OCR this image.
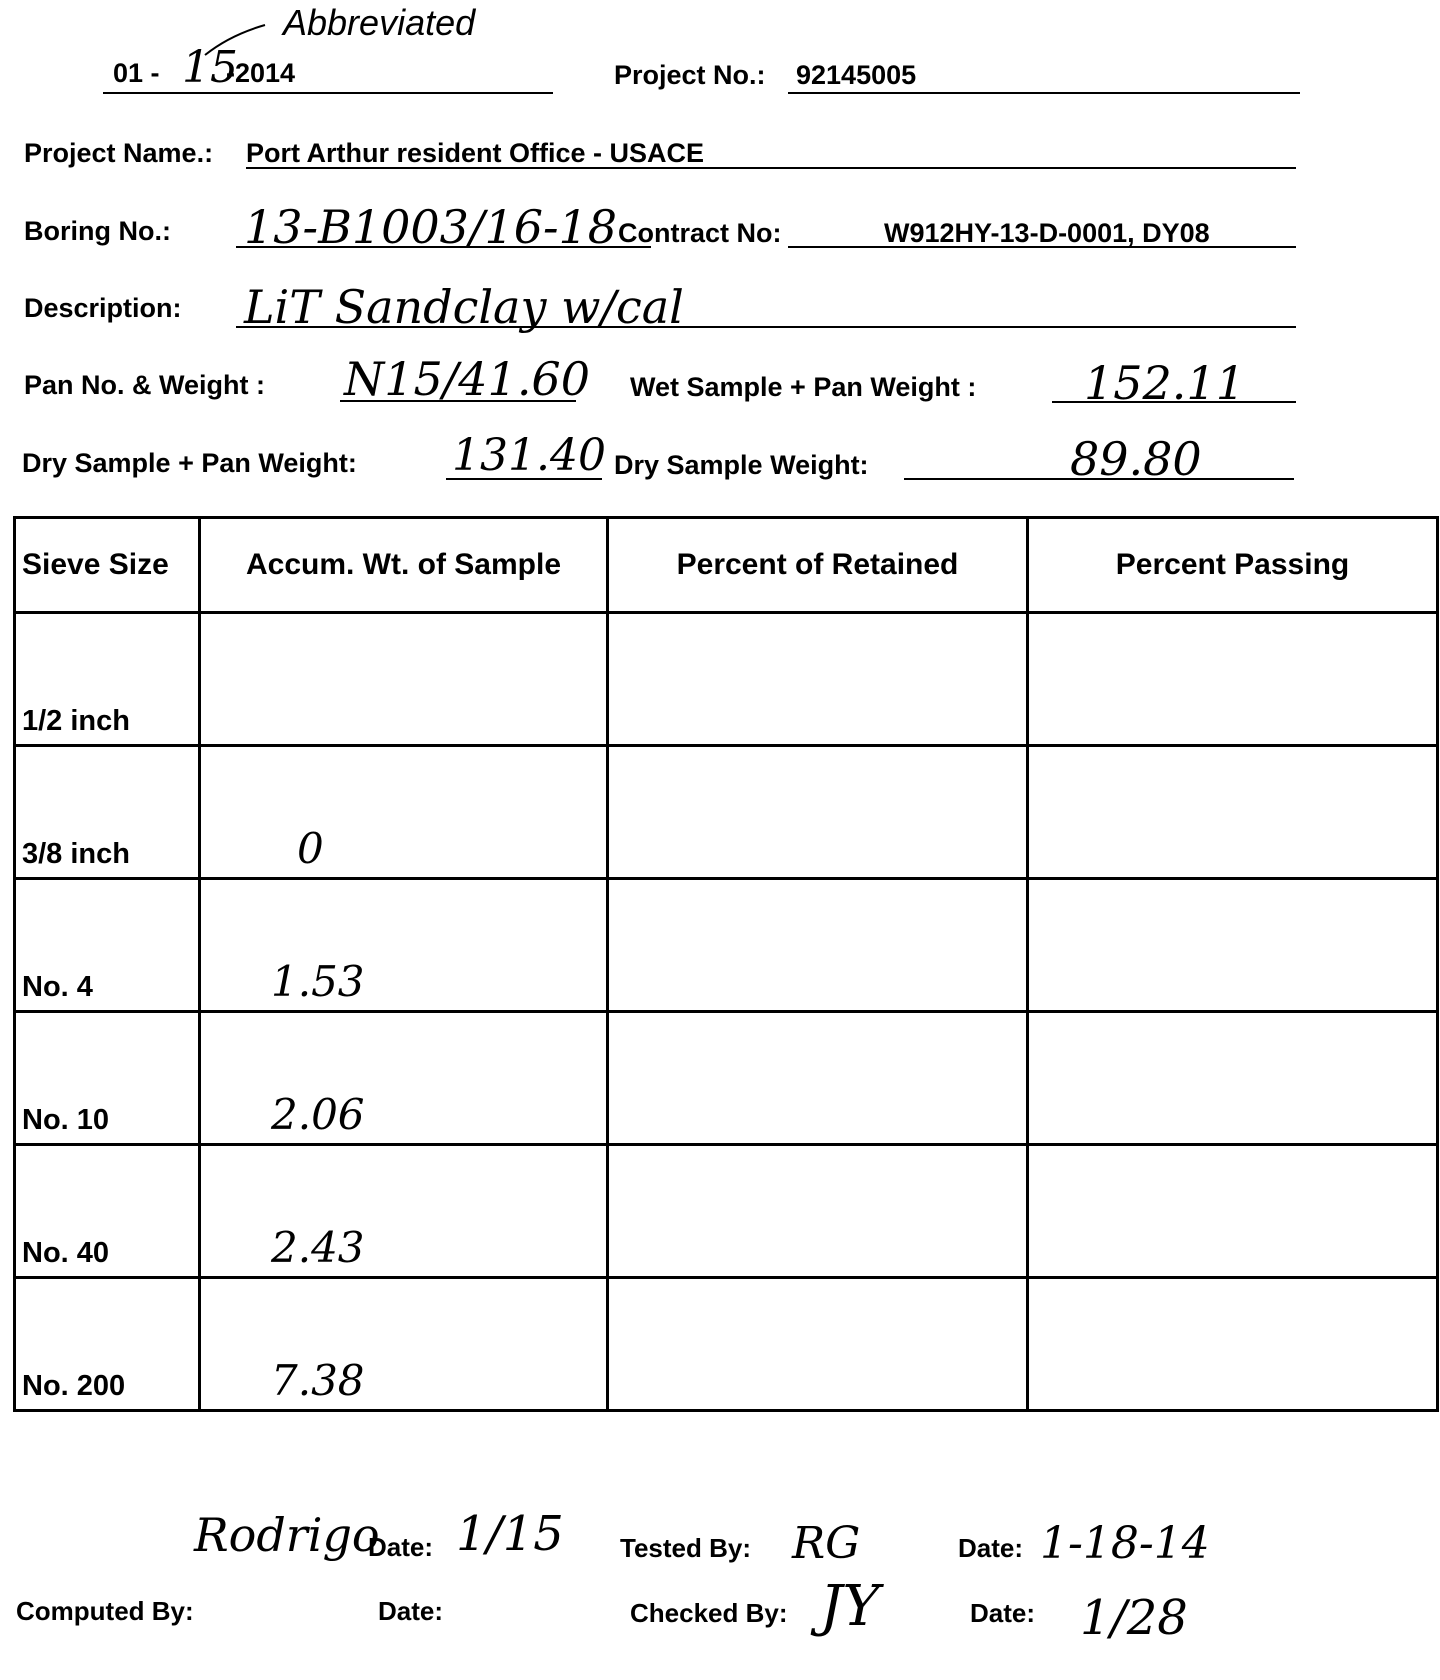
Abbreviated
01 - 15
-2014	Project No.: 92145005
Project Name.: Port Arthur resident Office - USACE
Boring No.: 13-B1003/16-18 Contract No:	W912HY-13-D-0001, DY08
Description: LiT Sandclay w/cal
Pan No. & Weight : N15/41.60 Wet Sample + Pan Weight : 152.11
Dry Sample + Pan Weight: 131.40 Dry Sample Weight:	89.80
Sieve Size	Accum. Wt. of Sample	Percent of Retained	Percent Passing

1/2 inch			

3/8 inch	0		

No. 4	1.53		

No. 10	2.06		

No. 40	2.43		

No. 200	7.38		

Rodrigo
Date: 1/15 Tested By: RG	Date: 1-18-14
Computed By:	Date:	Checked By: JY	Date: 1/28
